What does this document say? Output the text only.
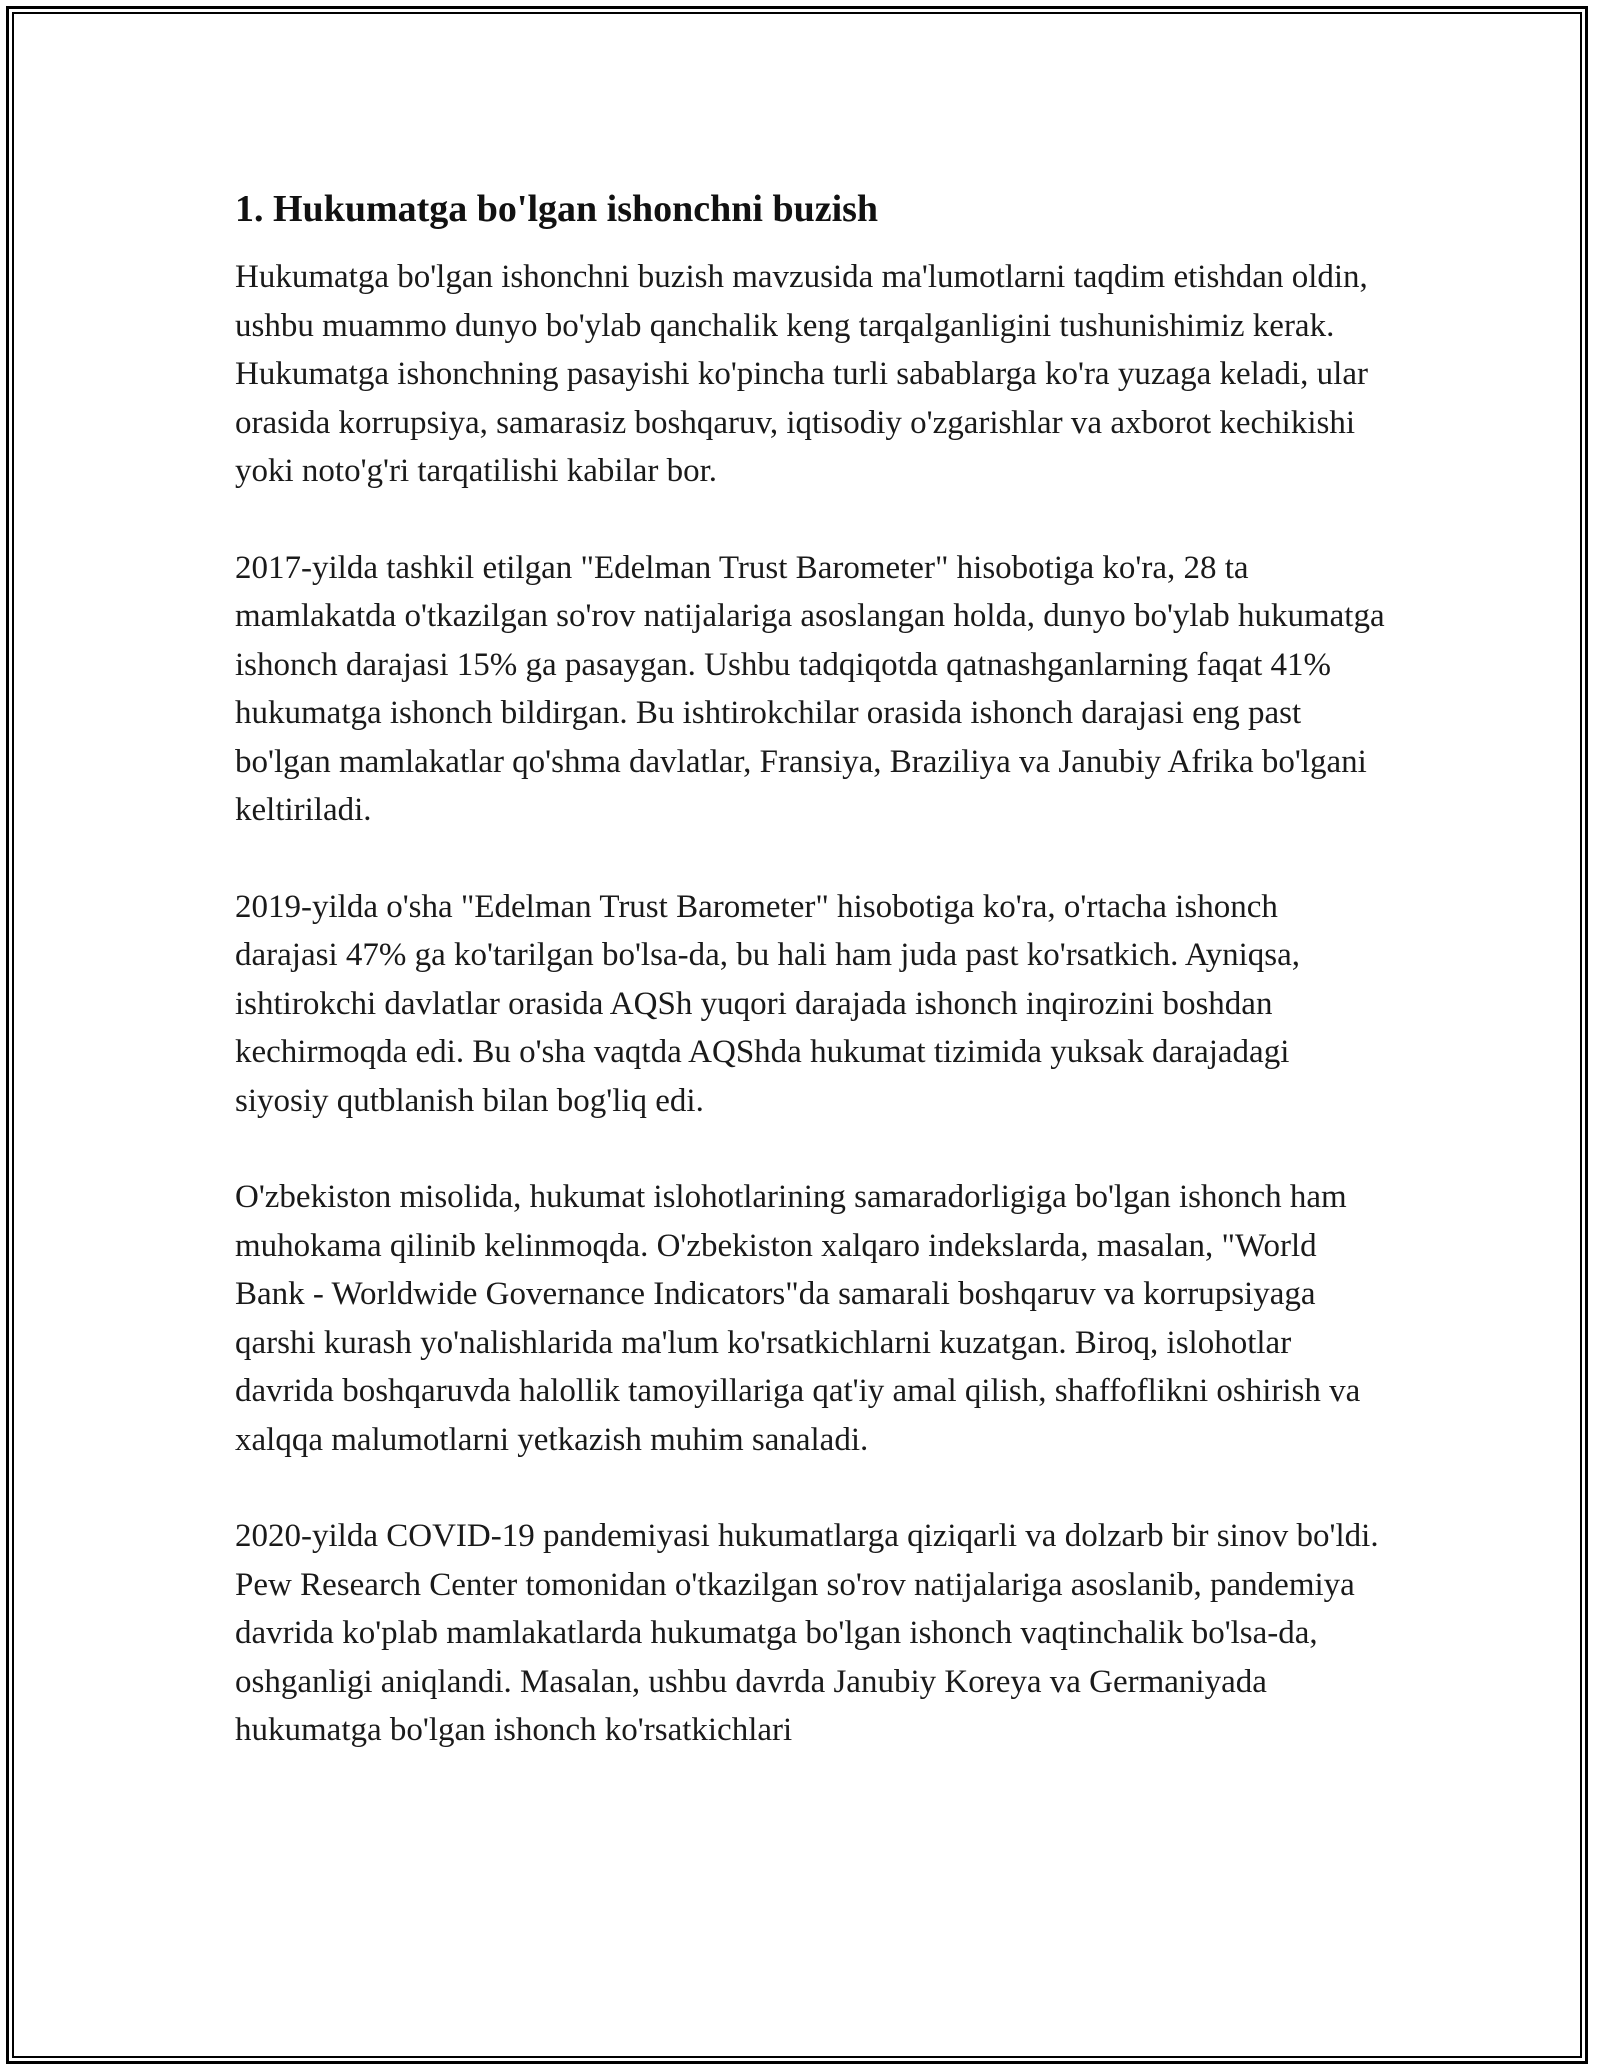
1. Hukumatga bo'lgan ishonchni buzish

Hukumatga bo'lgan ishonchni buzish mavzusida ma'lumotlarni taqdim etishdan oldin, ushbu muammo dunyo bo'ylab qanchalik keng tarqalganligini tushunishimiz kerak. Hukumatga ishonchning pasayishi ko'pincha turli sabablarga ko'ra yuzaga keladi, ular orasida korrupsiya, samarasiz boshqaruv, iqtisodiy o'zgarishlar va axborot kechikishi yoki noto'g'ri tarqatilishi kabilar bor.

2017-yilda tashkil etilgan "Edelman Trust Barometer" hisobotiga ko'ra, 28 ta mamlakatda o'tkazilgan so'rov natijalariga asoslangan holda, dunyo bo'ylab hukumatga ishonch darajasi 15% ga pasaygan. Ushbu tadqiqotda qatnashganlarning faqat 41% hukumatga ishonch bildirgan. Bu ishtirokchilar orasida ishonch darajasi eng past bo'lgan mamlakatlar qo'shma davlatlar, Fransiya, Braziliya va Janubiy Afrika bo'lgani keltiriladi.

2019-yilda o'sha "Edelman Trust Barometer" hisobotiga ko'ra, o'rtacha ishonch darajasi 47% ga ko'tarilgan bo'lsa-da, bu hali ham juda past ko'rsatkich. Ayniqsa, ishtirokchi davlatlar orasida AQSh yuqori darajada ishonch inqirozini boshdan kechirmoqda edi. Bu o'sha vaqtda AQShda hukumat tizimida yuksak darajadagi siyosiy qutblanish bilan bog'liq edi.

O'zbekiston misolida, hukumat islohotlarining samaradorligiga bo'lgan ishonch ham muhokama qilinib kelinmoqda. O'zbekiston xalqaro indekslarda, masalan, "World Bank - Worldwide Governance Indicators"da samarali boshqaruv va korrupsiyaga qarshi kurash yo'nalishlarida ma'lum ko'rsatkichlarni kuzatgan. Biroq, islohotlar davrida boshqaruvda halollik tamoyillariga qat'iy amal qilish, shaffoflikni oshirish va xalqqa malumotlarni yetkazish muhim sanaladi.

2020-yilda COVID-19 pandemiyasi hukumatlarga qiziqarli va dolzarb bir sinov bo'ldi. Pew Research Center tomonidan o'tkazilgan so'rov natijalariga asoslanib, pandemiya davrida ko'plab mamlakatlarda hukumatga bo'lgan ishonch vaqtinchalik bo'lsa-da, oshganligi aniqlandi. Masalan, ushbu davrda Janubiy Koreya va Germaniyada hukumatga bo'lgan ishonch ko'rsatkichlari
